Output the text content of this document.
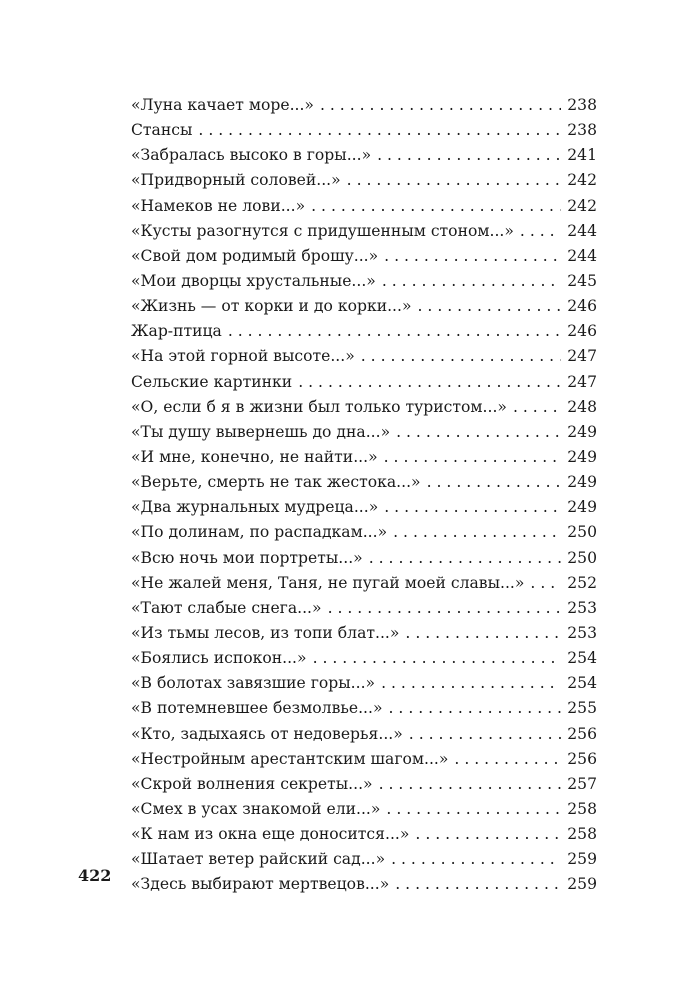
«Луна качает море...» . . .	238
Стансы . . .	238
«Забралась высоко в горы...» . . .	241
«Придворный соловей...» . . .	242
«Намеков не лови...» . . .	242
«Кусты разогнутся с придушенным стоном...» . . .	244
«Свой дом родимый брошу...» . . .	244
«Мои дворцы хрустальные...» . . .	245
«Жизнь — от корки и до корки...» . . .	246
Жар-птица . . .	246
«На этой горной высоте...» . . .	247
Сельские картинки . . .	247
«О, если б я в жизни был только туристом...» . . .	248
«Ты душу вывернешь до дна...» . . .	249
«И мне, конечно, не найти...» . . .	249
«Верьте, смерть не так жестока...» . . .	249
«Два журнальных мудреца...» . . .	249
«По долинам, по распадкам...» . . .	250
«Всю ночь мои портреты...» . . .	250
«Не жалей меня, Таня, не пугай моей славы...» . . .	252
«Тают слабые снега...» . . .	253
«Из тьмы лесов, из топи блат...» . . .	253
«Боялись испокон...» . . .	254
«В болотах завязшие горы...» . . .	254
«В потемневшее безмолвье...» . . .	255
«Кто, задыхаясь от недоверья...» . . .	256
«Нестройным арестантским шагом...» . . .	256
«Скрой волнения секреты...» . . .	257
«Смех в усах знакомой ели...» . . .	258
«К нам из окна еще доносится...» . . .	258
«Шатает ветер райский сад...» . . .	259
«Здесь выбирают мертвецов...» . . .	259
422
